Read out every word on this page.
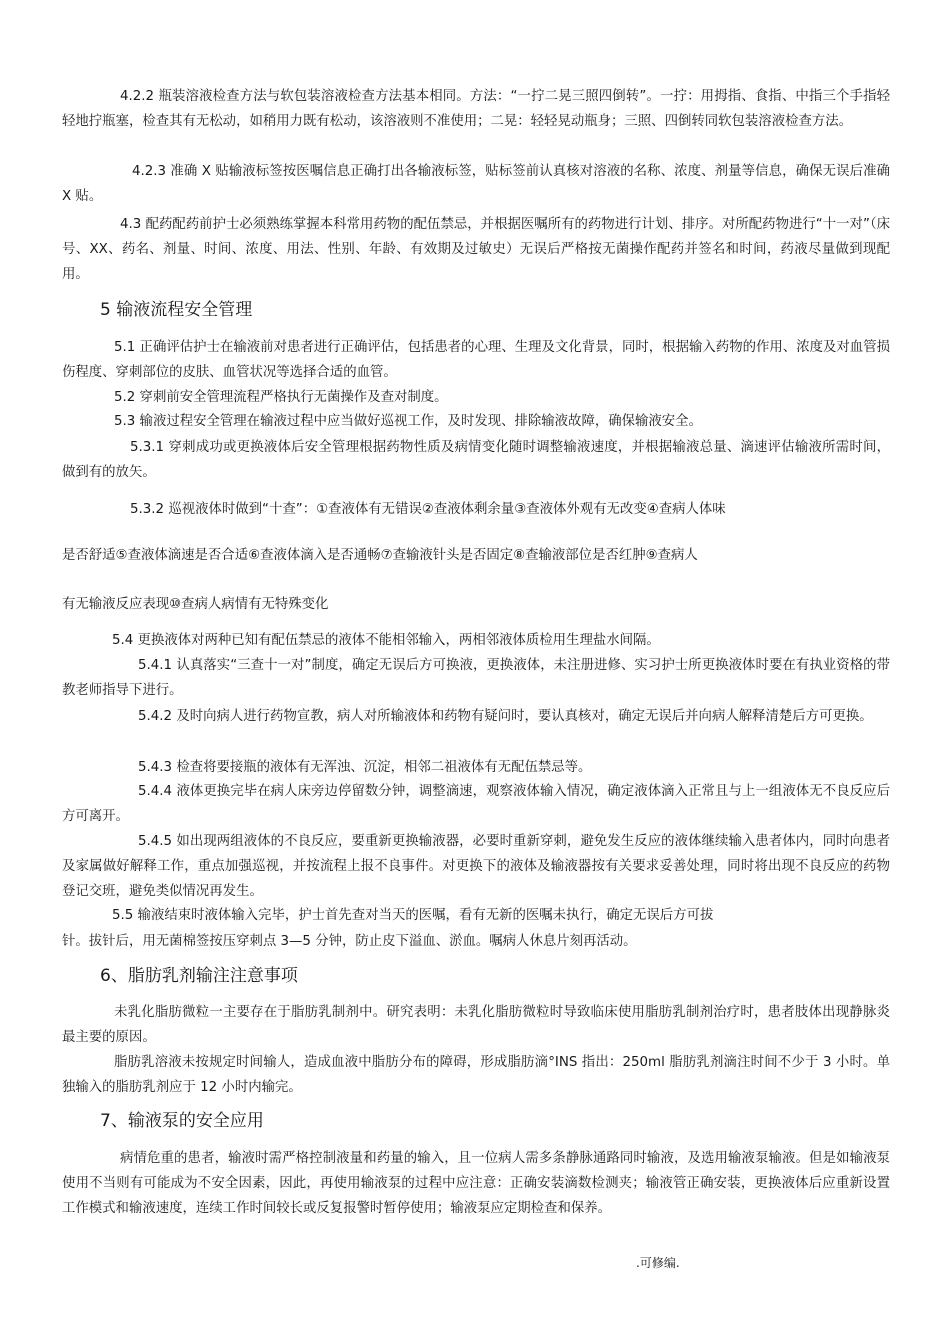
4.2.2 瓶装溶液检查方法与软包装溶液检查方法基本相同。方法：“一拧二晃三照四倒转”。一拧：用拇指、食指、中指三个手指轻轻地拧瓶塞，检查其有无松动，如稍用力既有松动，该溶液则不准使用；二晃：轻轻晃动瓶身；三照、四倒转同软包装溶液检查方法。

4.2.3 准确 X 贴输液标签按医嘱信息正确打出各输液标签，贴标签前认真核对溶液的名称、浓度、剂量等信息，确保无误后准确 X 贴。

4.3 配药配药前护士必须熟练掌握本科常用药物的配伍禁忌，并根据医嘱所有的药物进行计划、排序。对所配药物进行“十一对”（床号、XX、药名、剂量、时间、浓度、用法、性别、年龄、有效期及过敏史）无误后严格按无菌操作配药并签名和时间，药液尽量做到现配用。

5 输液流程安全管理

5.1 正确评估护士在输液前对患者进行正确评估，包括患者的心理、生理及文化背景，同时，根据输入药物的作用、浓度及对血管损伤程度、穿刺部位的皮肤、血管状况等选择合适的血管。

5.2 穿刺前安全管理流程严格执行无菌操作及查对制度。

5.3 输液过程安全管理在输液过程中应当做好巡视工作，及时发现、排除输液故障，确保输液安全。

5.3.1 穿刺成功或更换液体后安全管理根据药物性质及病情变化随时调整输液速度，并根据输液总量、滴速评估输液所需时间，做到有的放矢。

5.3.2 巡视液体时做到“十查”：①查液体有无错误②查液体剩余量③查液体外观有无改变④查病人体味

是否舒适⑤查液体滴速是否合适⑥查液体滴入是否通畅⑦查输液针头是否固定⑧查输液部位是否红肿⑨查病人

有无输液反应表现⑩查病人病情有无特殊变化

5.4 更换液体对两种已知有配伍禁忌的液体不能相邻输入，两相邻液体质检用生理盐水间隔。

5.4.1 认真落实“三查十一对”制度，确定无误后方可换液，更换液体，未注册进修、实习护士所更换液体时要在有执业资格的带教老师指导下进行。

5.4.2 及时向病人进行药物宣教，病人对所输液体和药物有疑问时，要认真核对，确定无误后并向病人解释清楚后方可更换。

5.4.3 检查将要接瓶的液体有无浑浊、沉淀，相邻二祖液体有无配伍禁忌等。

5.4.4 液体更换完毕在病人床旁边停留数分钟，调整滴速，观察液体输入情况，确定液体滴入正常且与上一组液体无不良反应后方可离开。

5.4.5 如出现两组液体的不良反应，要重新更换输液器，必要时重新穿刺，避免发生反应的液体继续输入患者体内，同时向患者及家属做好解释工作，重点加强巡视，并按流程上报不良事件。对更换下的液体及输液器按有关要求妥善处理，同时将出现不良反应的药物登记交班，避免类似情况再发生。

5.5 输液结束时液体输入完毕，护士首先查对当天的医嘱，看有无新的医嘱未执行，确定无误后方可拔

针。拔针后，用无菌棉签按压穿刺点 3—5 分钟，防止皮下溢血、淤血。嘱病人休息片刻再活动。

6、脂肪乳剂输注注意事项

未乳化脂肪微粒一主要存在于脂肪乳制剂中。研究表明：未乳化脂肪微粒时导致临床使用脂肪乳制剂治疗时，患者肢体出现静脉炎最主要的原因。

脂肪乳溶液未按规定时间输人，造成血液中脂肪分布的障碍，形成脂肪滴°INS 指出：250ml 脂肪乳剂滴注时间不少于 3 小时。单独输入的脂肪乳剂应于 12 小时内输完。

7、输液泵的安全应用

病情危重的患者，输液时需严格控制液量和药量的输入，且一位病人需多条静脉通路同时输液，及选用输液泵输液。但是如输液泵使用不当则有可能成为不安全因素，因此，再使用输液泵的过程中应注意：正确安装滴数检测夹；输液管正确安装，更换液体后应重新设置工作模式和输液速度，连续工作时间较长或反复报警时暂停使用；输液泵应定期检查和保养。

.可修编.
